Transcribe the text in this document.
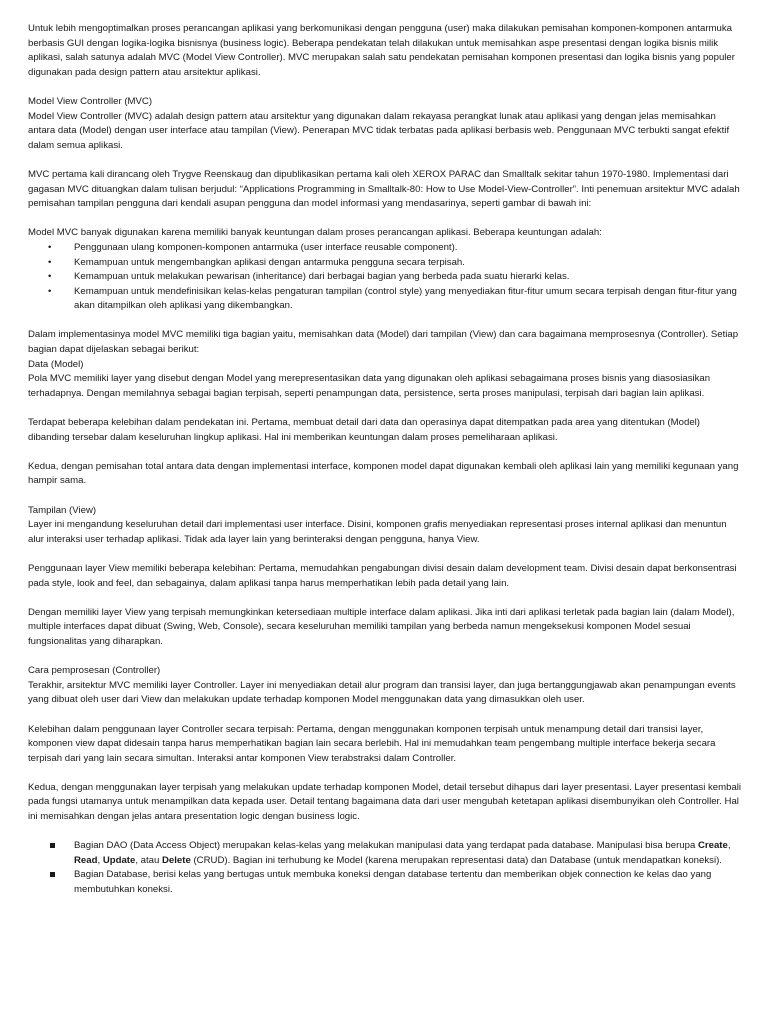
Untuk lebih mengoptimalkan proses perancangan aplikasi yang berkomunikasi dengan pengguna (user) maka dilakukan pemisahan komponen-komponen antarmuka berbasis GUI dengan logika-logika bisnisnya (business logic). Beberapa pendekatan telah dilakukan untuk memisahkan aspe presentasi dengan logika bisnis milik aplikasi, salah satunya adalah MVC (Model View Controller). MVC merupakan salah satu pendekatan pemisahan komponen presentasi dan logika bisnis yang populer digunakan pada design pattern atau arsitektur aplikasi.

Model View Controller (MVC)

Model View Controller (MVC) adalah design pattern atau arsitektur yang digunakan dalam rekayasa perangkat lunak atau aplikasi yang dengan jelas memisahkan antara data (Model) dengan user interface atau tampilan (View). Penerapan MVC tidak terbatas pada aplikasi berbasis web. Penggunaan MVC terbukti sangat efektif dalam semua aplikasi.

MVC pertama kali dirancang oleh Trygve Reenskaug dan dipublikasikan pertama kali oleh XEROX PARAC dan Smalltalk sekitar tahun 1970-1980. Implementasi dari gagasan MVC dituangkan dalam tulisan berjudul: “Applications Programming in Smalltalk-80: How to Use Model-View-Controller”. Inti penemuan arsitektur MVC adalah pemisahan tampilan pengguna dari kendali asupan pengguna dan model informasi yang mendasarinya, seperti gambar di bawah ini:

Model MVC banyak digunakan karena memiliki banyak keuntungan dalam proses perancangan aplikasi. Beberapa keuntungan adalah:

• Penggunaan ulang komponen-komponen antarmuka (user interface reusable component).
• Kemampuan untuk mengembangkan aplikasi dengan antarmuka pengguna secara terpisah.
• Kemampuan untuk melakukan pewarisan (inheritance) dari berbagai bagian yang berbeda pada suatu hierarki kelas.
• Kemampuan untuk mendefinisikan kelas-kelas pengaturan tampilan (control style) yang menyediakan fitur-fitur umum secara terpisah dengan fitur-fitur yang akan ditampilkan oleh aplikasi yang dikembangkan.

Dalam implementasinya model MVC memiliki tiga bagian yaitu, memisahkan data (Model) dari tampilan (View) dan cara bagaimana memprosesnya (Controller). Setiap bagian dapat dijelaskan sebagai berikut:

Data (Model)

Pola MVC memiliki layer yang disebut dengan Model yang merepresentasikan data yang digunakan oleh aplikasi sebagaimana proses bisnis yang diasosiasikan terhadapnya. Dengan memilahnya sebagai bagian terpisah, seperti penampungan data, persistence, serta proses manipulasi, terpisah dari bagian lain aplikasi.

Terdapat beberapa kelebihan dalam pendekatan ini. Pertama, membuat detail dari data dan operasinya dapat ditempatkan pada area yang ditentukan (Model) dibanding tersebar dalam keseluruhan lingkup aplikasi. Hal ini memberikan keuntungan dalam proses pemeliharaan aplikasi.

Kedua, dengan pemisahan total antara data dengan implementasi interface, komponen model dapat digunakan kembali oleh aplikasi lain yang memiliki kegunaan yang hampir sama.

Tampilan (View)

Layer ini mengandung keseluruhan detail dari implementasi user interface. Disini, komponen grafis menyediakan representasi proses internal aplikasi dan menuntun alur interaksi user terhadap aplikasi. Tidak ada layer lain yang berinteraksi dengan pengguna, hanya View.

Penggunaan layer View memiliki beberapa kelebihan: Pertama, memudahkan pengabungan divisi desain dalam development team. Divisi desain dapat berkonsentrasi pada style, look and feel, dan sebagainya, dalam aplikasi tanpa harus memperhatikan lebih pada detail yang lain.

Dengan memiliki layer View yang terpisah memungkinkan ketersediaan multiple interface dalam aplikasi. Jika inti dari aplikasi terletak pada bagian lain (dalam Model), multiple interfaces dapat dibuat (Swing, Web, Console), secara keseluruhan memiliki tampilan yang berbeda namun mengeksekusi komponen Model sesuai fungsionalitas yang diharapkan.

Cara pemprosesan (Controller)

Terakhir, arsitektur MVC memiliki layer Controller. Layer ini menyediakan detail alur program dan transisi layer, dan juga bertanggungjawab akan penampungan events yang dibuat oleh user dari View dan melakukan update terhadap komponen Model menggunakan data yang dimasukkan oleh user.

Kelebihan dalam penggunaan layer Controller secara terpisah: Pertama, dengan menggunakan komponen terpisah untuk menampung detail dari transisi layer, komponen view dapat didesain tanpa harus memperhatikan bagian lain secara berlebih. Hal ini memudahkan team pengembang multiple interface bekerja secara terpisah dari yang lain secara simultan. Interaksi antar komponen View terabstraksi dalam Controller.

Kedua, dengan menggunakan layer terpisah yang melakukan update terhadap komponen Model, detail tersebut dihapus dari layer presentasi. Layer presentasi kembali pada fungsi utamanya untuk menampilkan data kepada user. Detail tentang bagaimana data dari user mengubah ketetapan aplikasi disembunyikan oleh Controller. Hal ini memisahkan dengan jelas antara presentation logic dengan business logic.

Bagian DAO (Data Access Object) merupakan kelas-kelas yang melakukan manipulasi data yang terdapat pada database. Manipulasi bisa berupa Create, Read, Update, atau Delete (CRUD). Bagian ini terhubung ke Model (karena merupakan representasi data) dan Database (untuk mendapatkan koneksi).
Bagian Database, berisi kelas yang bertugas untuk membuka koneksi dengan database tertentu dan memberikan objek connection ke kelas dao yang membutuhkan koneksi.
